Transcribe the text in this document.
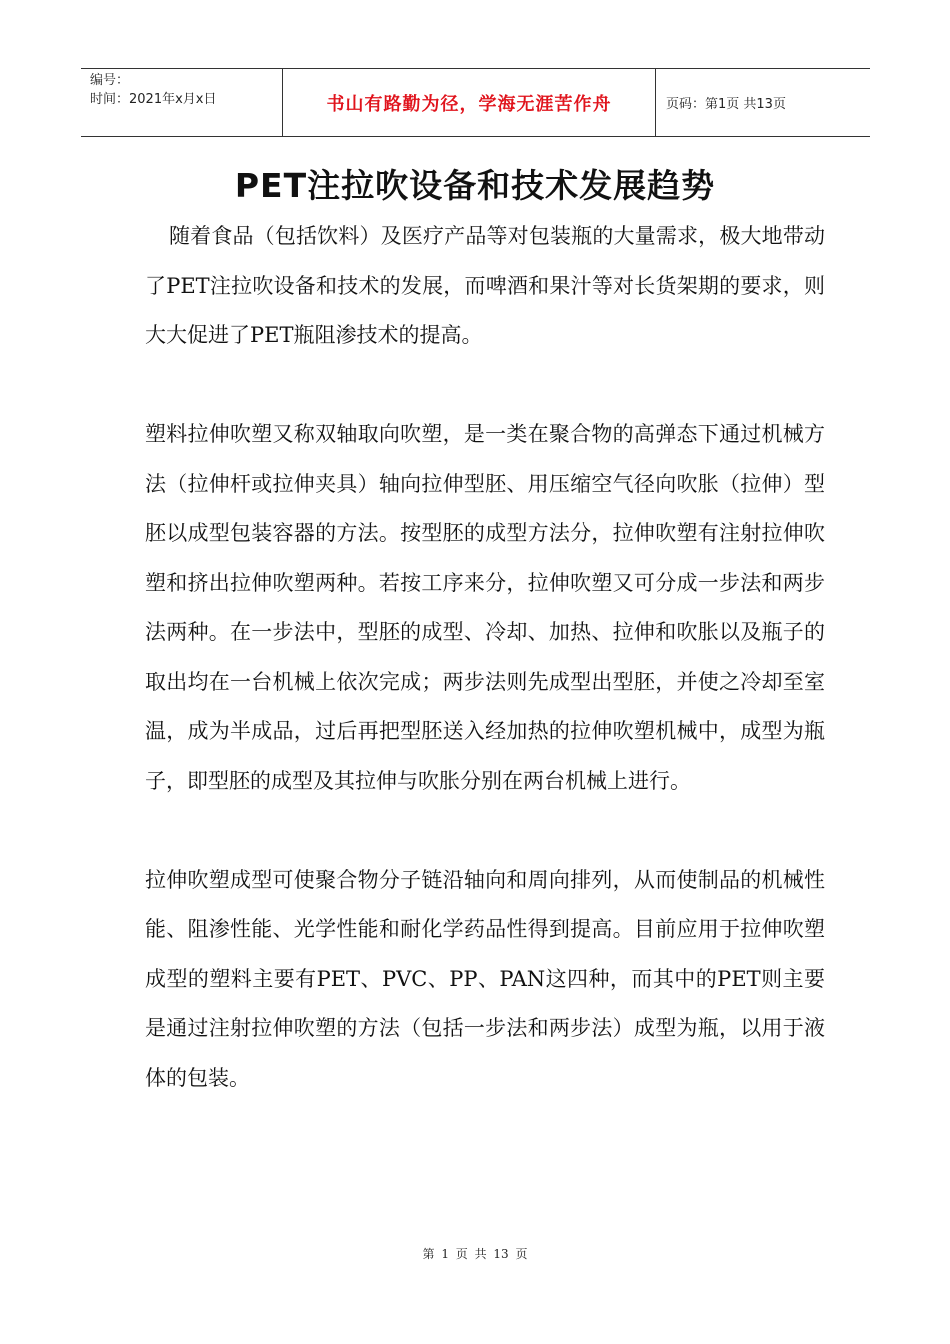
编号：
时间：2021年x月x日	书山有路勤为径，学海无涯苦作舟	页码：第1页 共13页
PET注拉吹设备和技术发展趋势

随着食品（包括饮料）及医疗产品等对包装瓶的大量需求，极大地带动了PET注拉吹设备和技术的发展，而啤酒和果汁等对长货架期的要求，则大大促进了PET瓶阻渗技术的提高。

塑料拉伸吹塑又称双轴取向吹塑，是一类在聚合物的高弹态下通过机械方法（拉伸杆或拉伸夹具）轴向拉伸型胚、用压缩空气径向吹胀（拉伸）型胚以成型包装容器的方法。按型胚的成型方法分，拉伸吹塑有注射拉伸吹塑和挤出拉伸吹塑两种。若按工序来分，拉伸吹塑又可分成一步法和两步法两种。在一步法中，型胚的成型、冷却、加热、拉伸和吹胀以及瓶子的取出均在一台机械上依次完成；两步法则先成型出型胚，并使之冷却至室温，成为半成品，过后再把型胚送入经加热的拉伸吹塑机械中，成型为瓶子，即型胚的成型及其拉伸与吹胀分别在两台机械上进行。

拉伸吹塑成型可使聚合物分子链沿轴向和周向排列，从而使制品的机械性能、阻渗性能、光学性能和耐化学药品性得到提高。目前应用于拉伸吹塑成型的塑料主要有PET、PVC、PP、PAN这四种，而其中的PET则主要是通过注射拉伸吹塑的方法（包括一步法和两步法）成型为瓶，以用于液体的包装。

第 1 页 共 13 页
